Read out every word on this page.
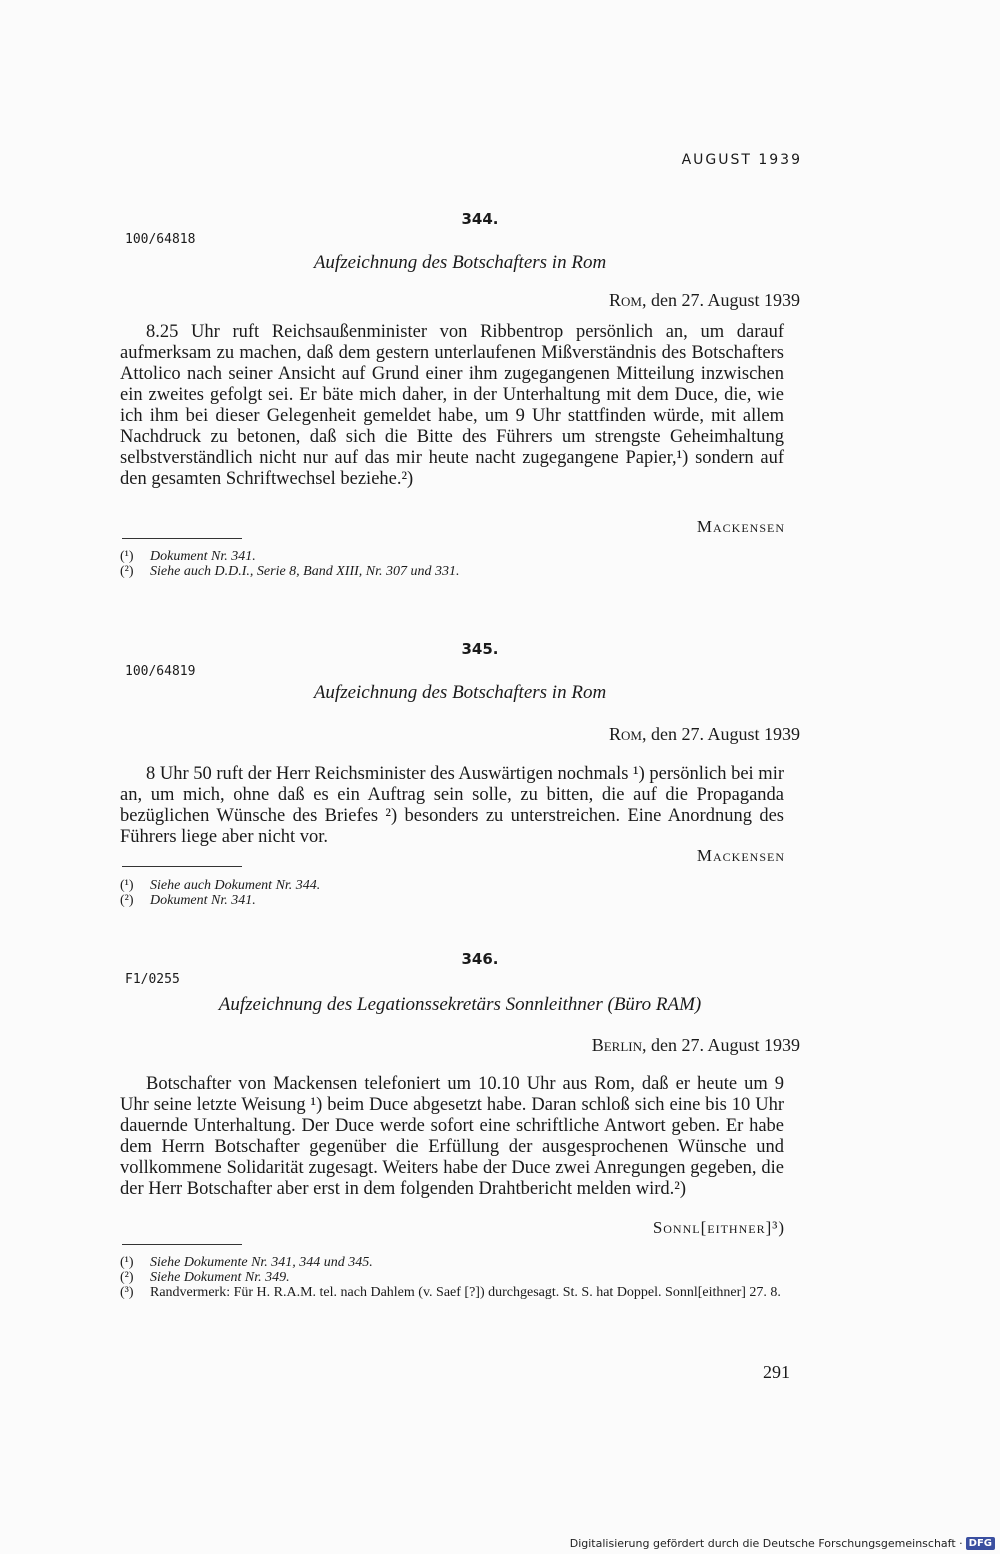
AUGUST 1939
344.
100/64818
Aufzeichnung des Botschafters in Rom
Rom, den 27. August 1939

8.25 Uhr ruft Reichsaußenminister von Ribbentrop persönlich an, um darauf aufmerksam zu machen, daß dem gestern unterlaufenen Mißverständnis des Botschafters Attolico nach seiner Ansicht auf Grund einer ihm zugegangenen Mitteilung inzwischen ein zweites gefolgt sei. Er bäte mich daher, in der Unterhaltung mit dem Duce, die, wie ich ihm bei dieser Gelegenheit gemeldet habe, um 9 Uhr stattfinden würde, mit allem Nachdruck zu betonen, daß sich die Bitte des Führers um strengste Geheimhaltung selbstverständlich nicht nur auf das mir heute nacht zugegangene Papier,¹) sondern auf den gesamten Schriftwechsel beziehe.²)

Mackensen
(¹)	Dokument Nr. 341.
(²)	Siehe auch D.D.I., Serie 8, Band XIII, Nr. 307 und 331.
345.
100/64819
Aufzeichnung des Botschafters in Rom
Rom, den 27. August 1939

8 Uhr 50 ruft der Herr Reichsminister des Auswärtigen nochmals ¹) persönlich bei mir an, um mich, ohne daß es ein Auftrag sein solle, zu bitten, die auf die Propaganda bezüglichen Wünsche des Briefes ²) besonders zu unterstreichen. Eine Anordnung des Führers liege aber nicht vor.

Mackensen
(¹)	Siehe auch Dokument Nr. 344.
(²)	Dokument Nr. 341.
346.
F1/0255
Aufzeichnung des Legationssekretärs Sonnleithner (Büro RAM)
Berlin, den 27. August 1939

Botschafter von Mackensen telefoniert um 10.10 Uhr aus Rom, daß er heute um 9 Uhr seine letzte Weisung ¹) beim Duce abgesetzt habe. Daran schloß sich eine bis 10 Uhr dauernde Unterhaltung. Der Duce werde sofort eine schriftliche Antwort geben. Er habe dem Herrn Botschafter gegenüber die Erfüllung der ausgesprochenen Wünsche und vollkommene Solidarität zugesagt. Weiters habe der Duce zwei Anregungen gegeben, die der Herr Botschafter aber erst in dem folgenden Drahtbericht melden wird.²)

Sonnl[eithner]³)
(¹)	Siehe Dokumente Nr. 341, 344 und 345.
(²)	Siehe Dokument Nr. 349.
(³)	Randvermerk: Für H. R.A.M. tel. nach Dahlem (v. Saef [?]) durchgesagt. St. S. hat Doppel. Sonnl[eithner] 27. 8.
291
Digitalisierung gefördert durch die Deutsche Forschungsgemeinschaft · DFG
